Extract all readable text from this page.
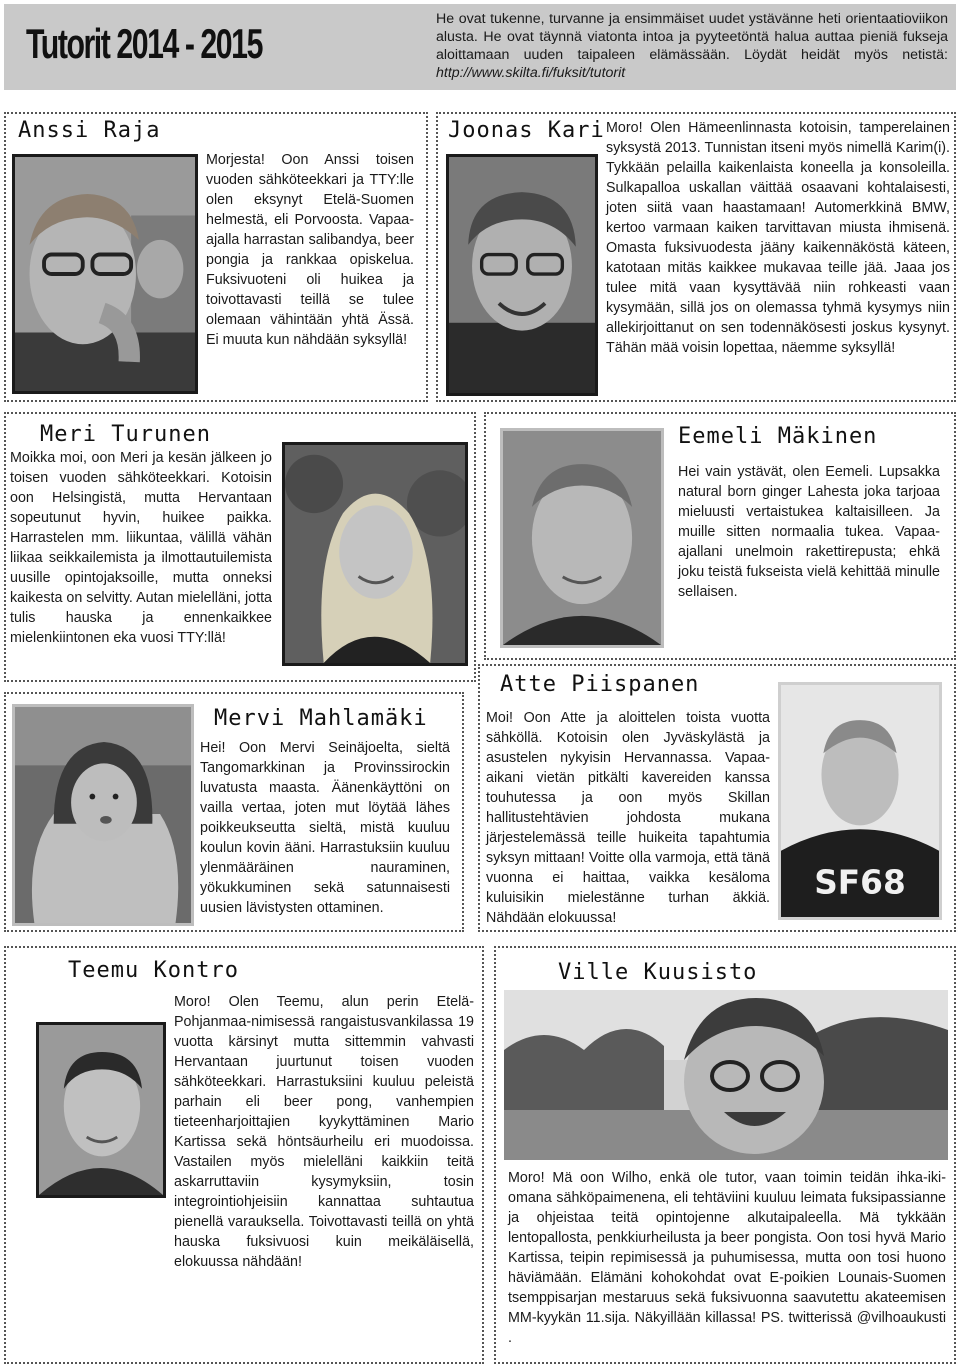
Tutorit 2014 - 2015
He ovat tukenne, turvanne ja ensimmäiset uudet ystävänne heti orientaatioviikon alusta. He ovat täynnä viatonta intoa ja pyyteetöntä halua auttaa pieniä fukseja aloittamaan uuden taipaleen elämässään. Löydät heidät myös netistä: http://www.skilta.fi/fuksit/tutorit
Anssi Raja

Morjesta! Oon Anssi toisen vuoden sähköteekkari ja TTY:lle olen eksynyt Etelä-Suomen helmestä, eli Porvoosta. Vapaa-ajalla harrastan salibandya, beer pongia ja rankkaa opiskelua. Fuksivuoteni oli huikea ja toivottavasti teillä se tulee olemaan vähintään yhtä Ässä. Ei muuta kun nähdään syksyllä!

Joonas Kari Moro! Olen Hämeenlinnasta kotoisin, tamperelainen syksystä 2013. Tunnistan itseni myös nimellä Karim(i). Tykkään pelailla kaikenlaista koneella ja konsoleilla. Sulkapalloa uskallan väittää osaavani kohtalaisesti, joten siitä vaan haastamaan! Automerkkinä BMW, kertoo varmaan kaiken tarvittavan miusta ihmisenä. Omasta fuksivuodesta jääny kaikennäköstä käteen, katotaan mitäs kaikkee mukavaa teille jää. Jaaa jos tulee mitä vaan kysyttävää niin rohkeasti vaan kysymään, sillä jos on olemassa tyhmä kysymys niin allekirjoittanut on sen todennäkösesti joskus kysynyt. Tähän mää voisin lopettaa, näemme syksyllä!

Meri Turunen

Moikka moi, oon Meri ja kesän jälkeen jo toisen vuoden sähköteekkari. Kotoisin oon Helsingistä, mutta Hervantaan sopeutunut hyvin, huikee paikka. Harrastelen mm. liikuntaa, välillä vähän liikaa seikkailemista ja ilmottautuilemista uusille opintojaksoille, mutta onneksi kaikesta on selvitty. Autan mielelläni, jotta tulis hauska ja ennenkaikkee mielenkiintonen eka vuosi TTY:llä!

Eemeli Mäkinen

Hei vain ystävät, olen Eemeli. Lupsakka natural born ginger Lahesta joka tarjoaa mieluusti vertaistukea kaltaisilleen. Ja muille sitten normaalia tukea. Vapaa-ajallani unelmoin rakettirepusta; ehkä joku teistä fukseista vielä kehittää minulle sellaisen.

Mervi Mahlamäki

Hei! Oon Mervi Seinäjoelta, sieltä Tangomarkkinan ja Provinssirockin luvatusta maasta. Äänenkäyttöni on vailla vertaa, joten mut löytää lähes poikkeukseutta sieltä, mistä kuuluu koulun kovin ääni. Harrastuksiin kuuluu ylenmääräinen nauraminen, yökukkuminen sekä satunnaisesti uusien lävistysten ottaminen.

Atte Piispanen

Moi! Oon Atte ja aloittelen toista vuotta sähköllä. Kotoisin olen Jyväskylästä ja asustelen nykyisin Hervannassa. Vapaa-aikani vietän pitkälti kavereiden kanssa touhutessa ja oon myös Skillan hallitustehtävien johdosta mukana järjestelemässä teille huikeita tapahtumia syksyn mittaan! Voitte olla varmoja, että tänä vuonna ei haittaa, vaikka kesäloma kuluisikin mielestänne turhan äkkiä. Nähdään elokuussa!

SF68
Teemu Kontro

Moro! Olen Teemu, alun perin Etelä-Pohjanmaa-nimisessä rangaistusvankilassa 19 vuotta kärsinyt mutta sittemmin vahvasti Hervantaan juurtunut toisen vuoden sähköteekkari. Harrastuksiini kuuluu peleistä parhain eli beer pong, vanhempien tieteenharjoittajien kyykyttäminen Mario Kartissa sekä höntsäurheilu eri muodoissa. Vastailen myös mielelläni kaikkiin teitä askarruttaviin kysymyksiin, tosin integrointiohjeisiin kannattaa suhtautua pienellä varauksella. Toivottavasti teillä on yhtä hauska fuksivuosi kuin meikäläisellä, elokuussa nähdään!

Ville Kuusisto

Moro! Mä oon Wilho, enkä ole tutor, vaan toimin teidän ihka-iki-omana sähköpaimenena, eli tehtäviini kuuluu leimata fuksipassianne ja ohjeistaa teitä opintojenne alkutaipaleella. Mä tykkään lentopallosta, penkkiurheilusta ja beer pongista. Oon tosi hyvä Mario Kartissa, teipin repimisessä ja puhumisessa, mutta oon tosi huono häviämään. Elämäni kohokohdat ovat E-poikien Lounais-Suomen tsemppisarjan mestaruus sekä fuksivuonna saavutettu akateemisen MM-kyykän 11.sija. Näkyillään killassa! PS. twitterissä @vilhoaukusti .
